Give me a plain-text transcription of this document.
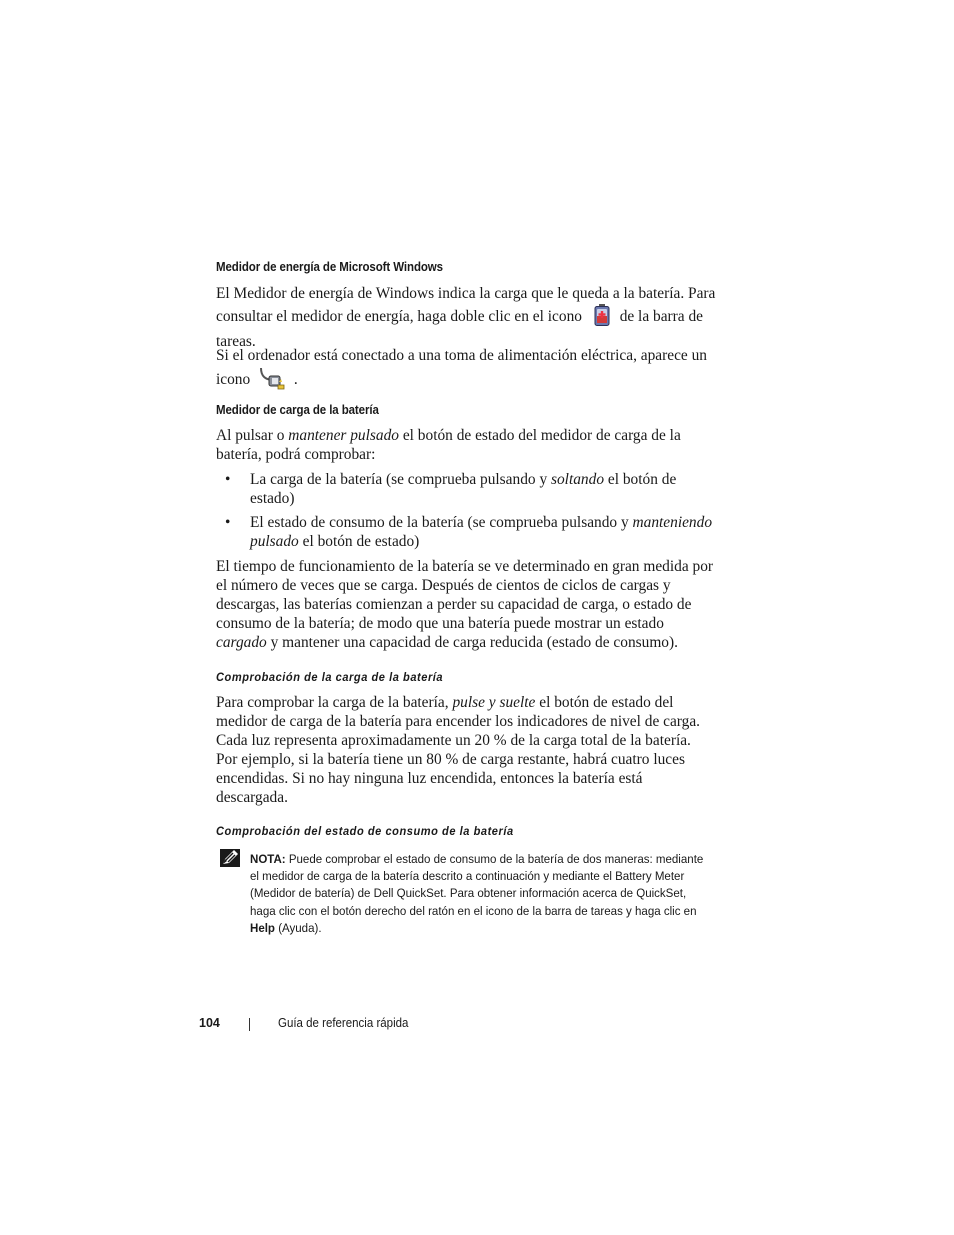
Medidor de energía de Microsoft Windows

El Medidor de energía de Windows indica la carga que le queda a la batería. Para consultar el medidor de energía, haga doble clic en el icono de la barra de tareas.

Si el ordenador está conectado a una toma de alimentación eléctrica, aparece un icono	.

Medidor de carga de la batería

Al pulsar o mantener pulsado el botón de estado del medidor de carga de la batería, podrá comprobar:

• La carga de la batería (se comprueba pulsando y soltando el botón de estado)
• El estado de consumo de la batería (se comprueba pulsando y manteniendo pulsado el botón de estado)

El tiempo de funcionamiento de la batería se ve determinado en gran medida por el número de veces que se carga. Después de cientos de ciclos de cargas y descargas, las baterías comienzan a perder su capacidad de carga, o estado de consumo de la batería; de modo que una batería puede mostrar un estado cargado y mantener una capacidad de carga reducida (estado de consumo).

Comprobación de la carga de la batería

Para comprobar la carga de la batería, pulse y suelte el botón de estado del medidor de carga de la batería para encender los indicadores de nivel de carga. Cada luz representa aproximadamente un 20 % de la carga total de la batería. Por ejemplo, si la batería tiene un 80 % de carga restante, habrá cuatro luces encendidas. Si no hay ninguna luz encendida, entonces la batería está descargada.

Comprobación del estado de consumo de la batería

NOTA: Puede comprobar el estado de consumo de la batería de dos maneras: mediante el medidor de carga de la batería descrito a continuación y mediante el Battery Meter (Medidor de batería) de Dell QuickSet. Para obtener información acerca de QuickSet, haga clic con el botón derecho del ratón en el icono de la barra de tareas y haga clic en Help (Ayuda).
104	Guía de referencia rápida
